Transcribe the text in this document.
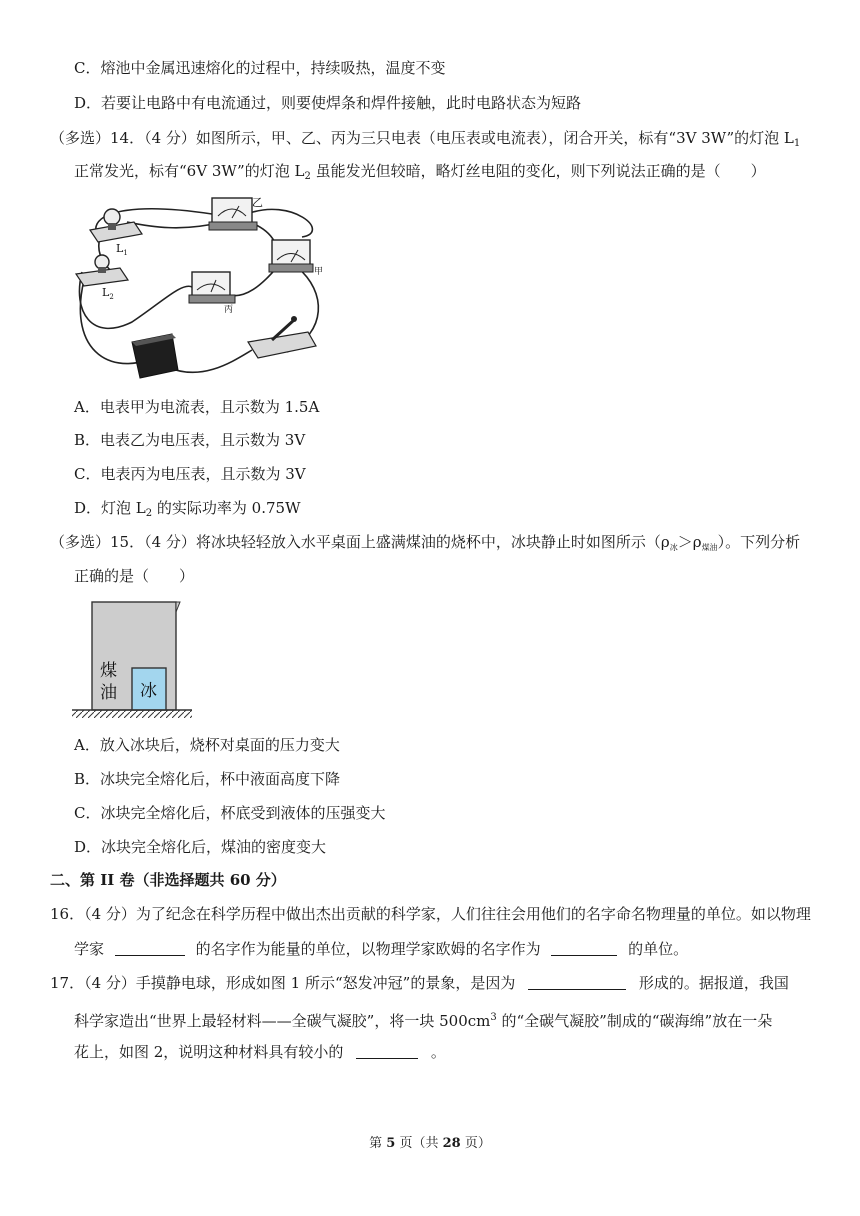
C．熔池中金属迅速熔化的过程中，持续吸热，温度不变
D．若要让电路中有电流通过，则要使焊条和焊件接触，此时电路状态为短路
（多选）14．（4 分）如图所示，甲、乙、丙为三只电表（电压表或电流表），闭合开关，标有“3V 3W”的灯泡 $L_1$
正常发光，标有“6V 3W”的灯泡 $L_2$ 虽能发光但较暗，略灯丝电阻的变化，则下列说法正确的是（　　）
乙
甲
丙
$L_1$
$L_2$
A．电表甲为电流表，且示数为 1.5A
B．电表乙为电压表，且示数为 3V
C．电表丙为电压表，且示数为 3V
D．灯泡 $L_2$ 的实际功率为 0.75W
（多选）15．（4 分）将冰块轻轻放入水平桌面上盛满煤油的烧杯中，冰块静止时如图所示$(\rho_冰>\rho_{煤油})$。下列分析
正确的是（　　）
煤
油 冰
A．放入冰块后，烧杯对桌面的压力变大
B．冰块完全熔化后，杯中液面高度下降
C．冰块完全熔化后，杯底受到液体的压强变大
D．冰块完全熔化后，煤油的密度变大
二、第 II 卷（非选择题共 60 分）
16．（4 分）为了纪念在科学历程中做出杰出贡献的科学家，人们往往会用他们的名字命名物理量的单位。如以物理
学家	的名字作为能量的单位，以物理学家欧姆的名字作为	的单位。
17．（4 分）手摸静电球，形成如图 1 所示“怒发冲冠”的景象，是因为	形成的。据报道，我国
科学家造出“世界上最轻材料——全碳气凝胶”，将一块 $500cm^3$ 的“全碳气凝胶”制成的“碳海绵”放在一朵
花上，如图 2，说明这种材料具有较小的	。
第 5 页（共 28 页）
